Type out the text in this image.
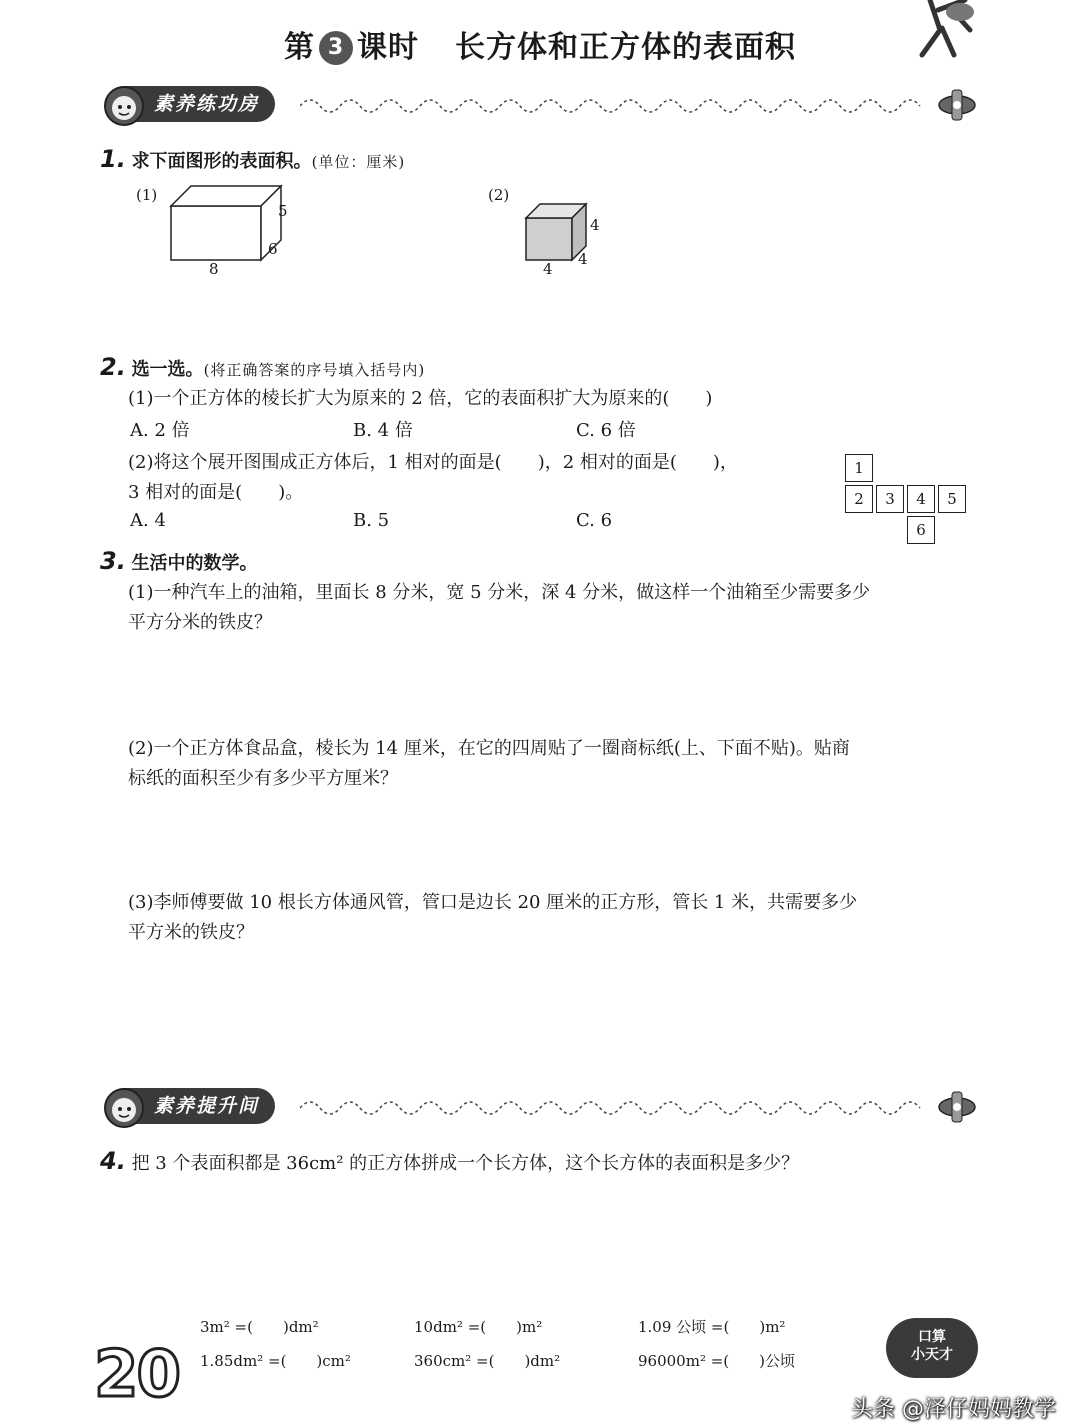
第 3 课时 长方体和正方体的表面积
素养练功房
1. 求下面图形的表面积。(单位：厘米)
(1)
5
6
8
(2)
4
4
4
2. 选一选。(将正确答案的序号填入括号内)
(1)一个正方体的棱长扩大为原来的 2 倍，它的表面积扩大为原来的(　　)
A. 2 倍	B. 4 倍	C. 6 倍
(2)将这个展开图围成正方体后，1 相对的面是(　　)，2 相对的面是(　　)，
3 相对的面是(　　)。
A. 4	B. 5	C. 6
1
2	3	4	5
6
3. 生活中的数学。
(1)一种汽车上的油箱，里面长 8 分米，宽 5 分米，深 4 分米，做这样一个油箱至少需要多少
平方分米的铁皮？
(2)一个正方体食品盒，棱长为 14 厘米，在它的四周贴了一圈商标纸(上、下面不贴)。贴商
标纸的面积至少有多少平方厘米？
(3)李师傅要做 10 根长方体通风管，管口是边长 20 厘米的正方形，管长 1 米，共需要多少
平方米的铁皮？
素养提升间
4. 把 3 个表面积都是 36cm² 的正方体拼成一个长方体，这个长方体的表面积是多少？
20
3m² =(　　)dm²	10dm² =(　　)m²	1.09 公顷 =(　　)m²
1.85dm² =(　　)cm²	360cm² =(　　)dm²	96000m² =(　　)公顷
口算
小天才
头条 @泽仔妈妈教学
